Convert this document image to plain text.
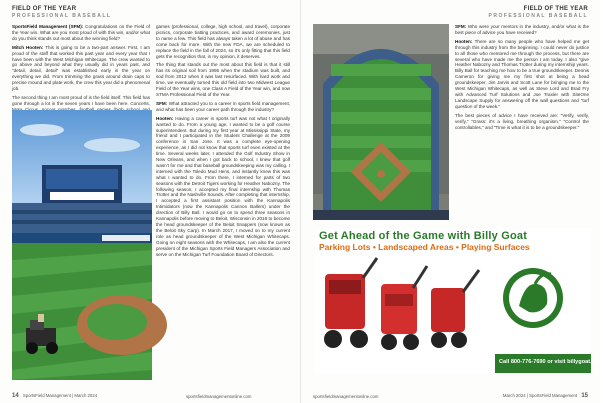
FIELD OF THE YEAR
PROFESSIONAL BASEBALL

SportsField Management (SFM): Congratulations on the Field of the Year win. What are you most proud of with this win, and/or what do you think stands out most about the winning field?

Mitch Hooten: This is going to be a two-part answer. First, I am proud of the staff that worked this past year and every year that I have been with the West Michigan Whitecaps. The crew wanted to go above and beyond what they usually did in years past, and "detail, detail, detail" was established early in the year on everything we did. From trimming the grass around drain caps to precise mound and plate work, the crew this year did a phenomenal job.

The second thing I am most proud of is the field itself. This field has gone through a lot in the seven years I have been here. Concerts,

games (professional, college, high school, and travel), corporate picnics, corporate batting practices, and award ceremonies, just to name a few. This field has always taken a lot of abuse and has come back for more. With the new FDA, we are scheduled to replace the field in the fall of 2024, so it's only fitting that this field gets the recognition that, in my opinion, it deserves.

The thing that stands out the most about this field is that it still has its original soil from 1995 when the stadium was built, and sod from 2012 when it was last resurfaced. With hard work and time, we eventually turned this old field into two Midwest League Field of the Year wins, one Class A Field of the Year win, and now STMA Professional Field of the Year.

SFM: What attracted you to a career in sports field management, and what has been your career path through the industry?

Hooten: Having a career in sports turf was not what I originally wanted to do. From a young age, I wanted to be a golf course superintendent. But during my first year at Mississippi State, my friend and I participated in the Student Challenge at the 2009 conference in San Jose. It was a complete eye-opening experience, as I did not know that sports turf even existed at the time. Several weeks later, I attended the Golf Industry Show in New Orleans, and when I got back to school, I knew that golf wasn't for me and that baseball groundskeeping was my calling. I interned with the Toledo Mud Hens, and instantly knew this was what I wanted to do. From there, I interned for parts of two seasons with the Detroit Tigers working for Heather Nabozny. The following season, I accepted my final internship with Thomas Trotter and the Nashville Sounds. After completing that internship, I accepted a first assistant position with the Kannapolis Intimidators (now the Kannapolis Cannon Ballers) under the direction of Billy Ball. I would go on to spend three seasons in Kannapolis before moving to Beloit, Wisconsin in 2016 to become the head groundskeeper of the Beloit Snappers (now known as the Beloit Sky Carp). In March 2017, I moved on to my current role as head groundskeeper of the West Michigan Whitecaps. Going on eight seasons with the Whitecaps, I am also the current president of the Michigan Sports Field Managers Association and serve on the Michigan Turf Foundation Board of Directors.

14 SportsField Management | March 2024	sportsfieldmanagementonline.com
FIELD OF THE YEAR
PROFESSIONAL BASEBALL

SFM: Who were your mentors in the industry, and/or what is the best piece of advice you have received?

Hooten: There are so many people who have helped me get through this industry from the beginning. I could never do justice to all those who mentored me through the process, but there are several who have made me the person I am today. I also "give Heather Nabozny and Thomas Trotter during my internship years. Billy Ball for teaching me how to be a true groundskeeper. Dennis Cameron for giving me my first shot at being a head groundskeeper. Jim Jarvis and Scott Lane for bringing me to the West Michigan Whitecaps, as well as Steve Lord and Brad Fry with Advanced Turf Solutions and Joe Traxler with SiteOne Landscape Supply for answering off the wall questions and "turf question of the week."

The best pieces of advice I have received are: "Verify, verify, verify," "Grass: it's a living, breathing organism," "Control the controllables," and "Time is what it is to be a groundskeeper."

Get Ahead of the Game with Billy Goat
Parking Lots • Landscaped Areas • Playing Surfaces
Call 800-776-7690 or visit billygoat.com
sportsfieldmanagementonline.com	March 2024 | SportsField Management 15
